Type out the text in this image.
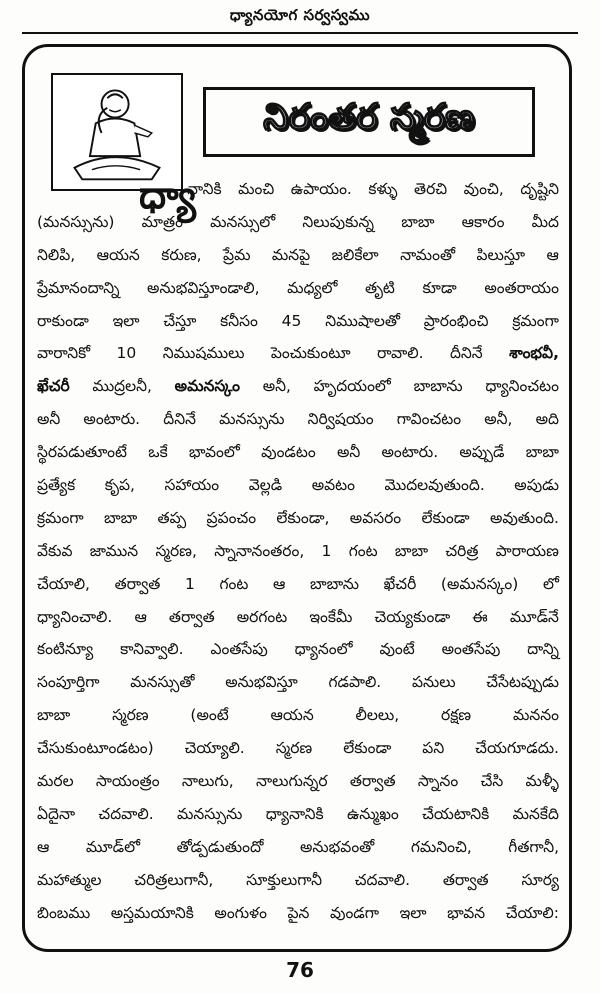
ధ్యానయోగ సర్వస్వము
నిరంతర స్మరణ
ధ్యా
నానికి మంచి ఉపాయం. కళ్ళు తెరచి వుంచి, దృష్టిని
(మనస్సును) మాత్రం మనస్సులో నిలుపుకున్న బాబా ఆకారం మీద
నిలిపి, ఆయన కరుణ, ప్రేమ మనపై జలికేలా నామంతో పిలుస్తూ ఆ
ప్రేమానందాన్ని అనుభవిస్తూండాలి, మధ్యలో తృటి కూడా అంతరాయం
రాకుండా ఇలా చేస్తూ కనీసం 45 నిముషాలతో ప్రారంభించి క్రమంగా
వారానికో 10 నిముషములు పెంచుకుంటూ రావాలి. దీనినే శాంభవీ,
ఖేచరీ ముద్రలనీ, అమనస్కం అనీ, హృదయంలో బాబాను ధ్యానించటం
అనీ అంటారు. దీనినే మనస్సును నిర్విషయం గావించటం అనీ, అది
స్థిరపడుతూంటే ఒకే భావంలో వుండటం అనీ అంటారు. అప్పుడే బాబా
ప్రత్యేక కృప, సహాయం వెల్లడి అవటం మొదలవుతుంది. అపుడు
క్రమంగా బాబా తప్ప ప్రపంచం లేకుండా, అవసరం లేకుండా అవుతుంది.
వేకువ జామున స్మరణ, స్నానానంతరం, 1 గంట బాబా చరిత్ర పారాయణ
చేయాలి, తర్వాత 1 గంట ఆ బాబాను ఖేచరీ (అమనస్కం) లో
ధ్యానించాలి. ఆ తర్వాత అరగంట ఇంకేమీ చెయ్యకుండా ఈ మూడ్‌నే
కంటిన్యూ కానివ్వాలి. ఎంతసేపు ధ్యానంలో వుంటే అంతసేపు దాన్ని
సంపూర్తిగా మనస్సుతో అనుభవిస్తూ గడపాలి. పనులు చేసేటప్పుడు
బాబా	స్మరణ	(అంటే	ఆయన	లీలలు,	రక్షణ	మననం
చేసుకుంటూండటం) చెయ్యాలి. స్మరణ లేకుండా పని చేయగూడదు.
మరల సాయంత్రం నాలుగు, నాలుగున్నర తర్వాత స్నానం చేసి మళ్ళీ
ఏదైనా చదవాలి. మనస్సును ధ్యానానికి ఉన్ముఖం చేయటానికి మనకేది
ఆ మూడ్‌లో తోడ్పడుతుందో అనుభవంతో గమనించి, గీతగానీ,
మహాత్ముల చరిత్రలుగానీ, సూక్తులుగానీ చదవాలి. తర్వాత సూర్య
బింబము అస్తమయానికి అంగుళం పైన వుండగా ఇలా భావన చేయాలి:
76
